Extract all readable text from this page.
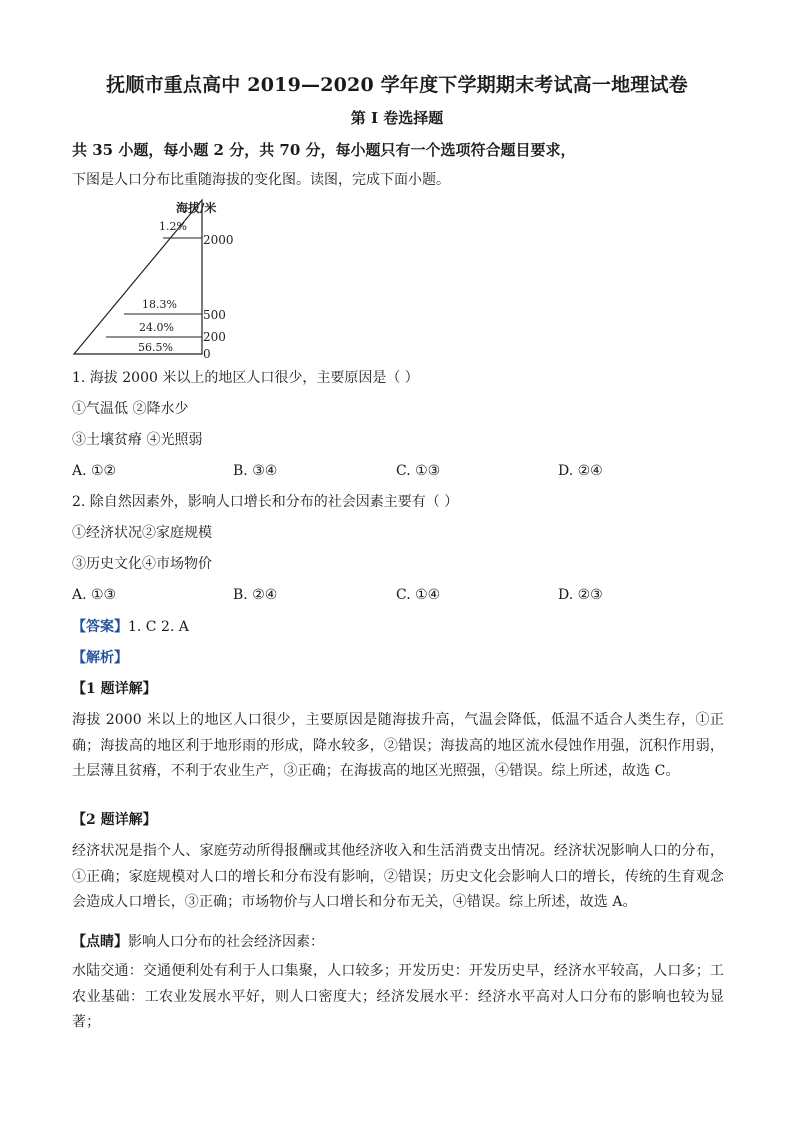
抚顺市重点高中 2019—2020 学年度下学期期末考试高一地理试卷
第 I 卷选择题
共 35 小题，每小题 2 分，共 70 分，每小题只有一个选项符合题目要求，
下图是人口分布比重随海拔的变化图。读图，完成下面小题。
海拔/米
2000
500
200
0
1.2%
18.3%
24.0%
56.5%
1. 海拔 2000 米以上的地区人口很少，主要原因是（ ）
①气温低 ②降水少
③土壤贫瘠 ④光照弱
A. ①②	B. ③④	C. ①③	D. ②④
2. 除自然因素外，影响人口增长和分布的社会因素主要有（ ）
①经济状况②家庭规模
③历史文化④市场物价
A. ①③	B. ②④	C. ①④	D. ②③
【答案】1. C 2. A
【解析】
【1 题详解】
海拔 2000 米以上的地区人口很少，主要原因是随海拔升高，气温会降低，低温不适合人类生存，①正确；海拔高的地区利于地形雨的形成，降水较多，②错误；海拔高的地区流水侵蚀作用强，沉积作用弱，土层薄且贫瘠，不利于农业生产，③正确；在海拔高的地区光照强，④错误。综上所述，故选 C。
【2 题详解】
经济状况是指个人、家庭劳动所得报酬或其他经济收入和生活消费支出情况。经济状况影响人口的分布，①正确；家庭规模对人口的增长和分布没有影响，②错误；历史文化会影响人口的增长，传统的生育观念会造成人口增长，③正确；市场物价与人口增长和分布无关，④错误。综上所述，故选 A。
【点睛】影响人口分布的社会经济因素：
水陆交通：交通便利处有利于人口集聚，人口较多；开发历史：开发历史早，经济水平较高，人口多；工农业基础：工农业发展水平好，则人口密度大；经济发展水平：经济水平高对人口分布的影响也较为显著；
